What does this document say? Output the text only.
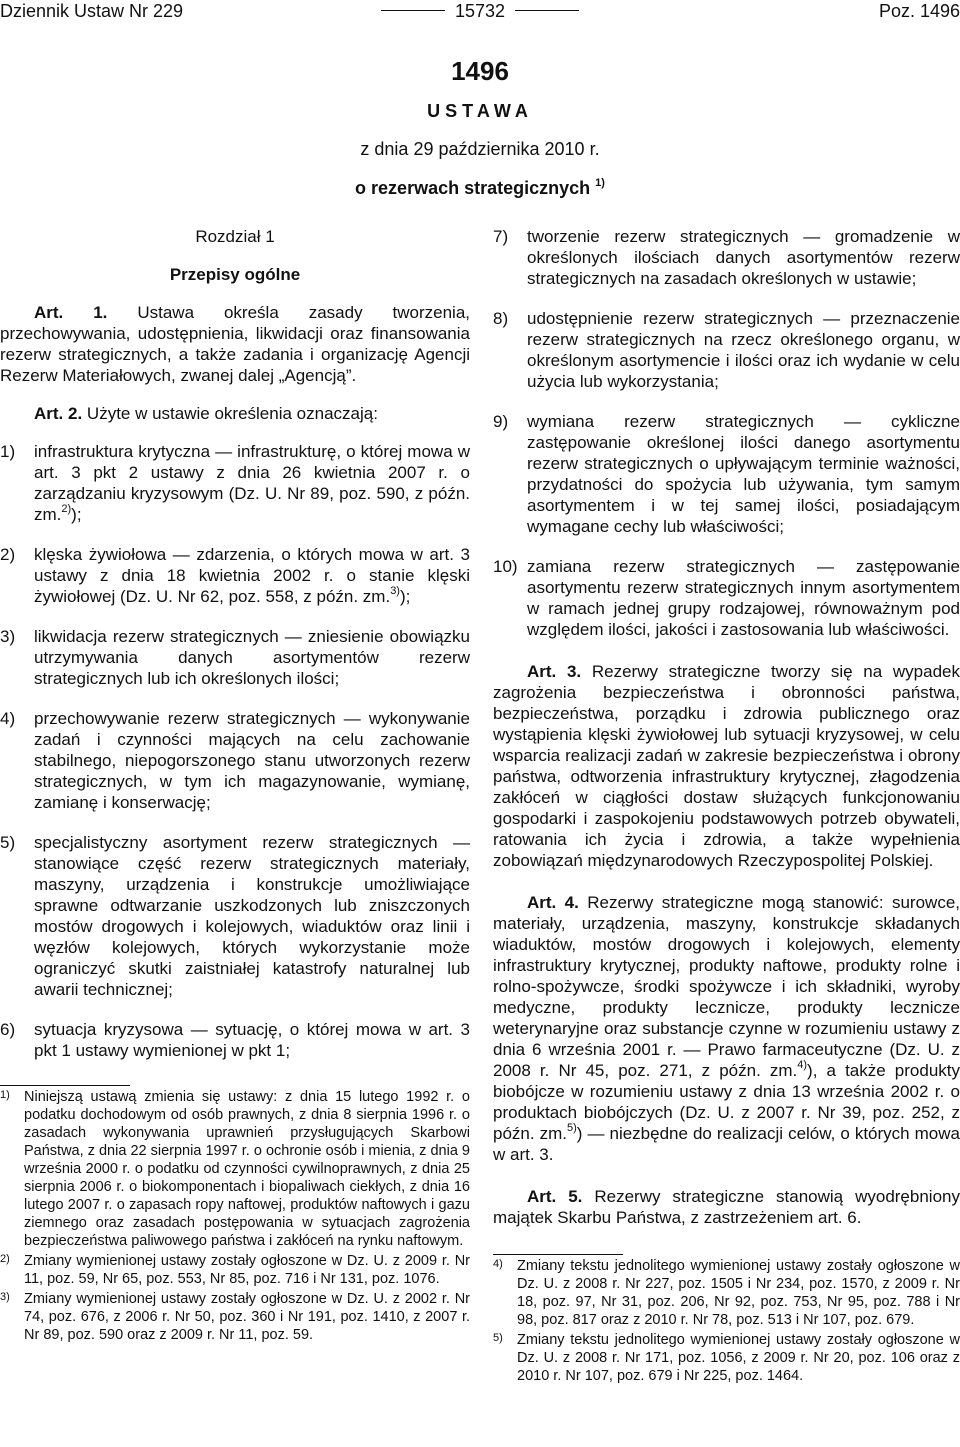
Dziennik Ustaw Nr 229	15732	Poz. 1496
1496
USTAWA
z dnia 29 października 2010 r.
o rezerwach strategicznych $^{1)}$
Rozdział 1
Przepisy ogólne

Art. 1. Ustawa określa zasady tworzenia, przechowywania, udostępnienia, likwidacji oraz finansowania rezerw strategicznych, a także zadania i organizację Agencji Rezerw Materiałowych, zwanej dalej „Agencją”.

Art. 2. Użyte w ustawie określenia oznaczają:

1)	infrastruktura krytyczna — infrastrukturę, o której mowa w art. 3 pkt 2 ustawy z dnia 26 kwietnia 2007 r. o zarządzaniu kryzysowym (Dz. U. Nr 89, poz. 590, z późn. zm.$^{2)}$);
2)	klęska żywiołowa — zdarzenia, o których mowa w art. 3 ustawy z dnia 18 kwietnia 2002 r. o stanie klęski żywiołowej (Dz. U. Nr 62, poz. 558, z późn. zm.$^{3)}$);
3)	likwidacja rezerw strategicznych — zniesienie obowiązku utrzymywania danych asortymentów rezerw strategicznych lub ich określonych ilości;
4)	przechowywanie rezerw strategicznych — wykonywanie zadań i czynności mających na celu zachowanie stabilnego, niepogorszonego stanu utworzonych rezerw strategicznych, w tym ich magazynowanie, wymianę, zamianę i konserwację;
5)	specjalistyczny asortyment rezerw strategicznych — stanowiące część rezerw strategicznych materiały, maszyny, urządzenia i konstrukcje umożliwiające sprawne odtwarzanie uszkodzonych lub zniszczonych mostów drogowych i kolejowych, wiaduktów oraz linii i węzłów kolejowych, których wykorzystanie może ograniczyć skutki zaistniałej katastrofy naturalnej lub awarii technicznej;
6)	sytuacja kryzysowa — sytuację, o której mowa w art. 3 pkt 1 ustawy wymienionej w pkt 1;
1) Niniejszą ustawą zmienia się ustawy: z dnia 15 lutego 1992 r. o podatku dochodowym od osób prawnych, z dnia 8 sierpnia 1996 r. o zasadach wykonywania uprawnień przysługujących Skarbowi Państwa, z dnia 22 sierpnia 1997 r. o ochronie osób i mienia, z dnia 9 września 2000 r. o podatku od czynności cywilnoprawnych, z dnia 25 sierpnia 2006 r. o biokomponentach i biopaliwach ciekłych, z dnia 16 lutego 2007 r. o zapasach ropy naftowej, produktów naftowych i gazu ziemnego oraz zasadach postępowania w sytuacjach zagrożenia bezpieczeństwa paliwowego państwa i zakłóceń na rynku naftowym.
2) Zmiany wymienionej ustawy zostały ogłoszone w Dz. U. z 2009 r. Nr 11, poz. 59, Nr 65, poz. 553, Nr 85, poz. 716 i Nr 131, poz. 1076.
3) Zmiany wymienionej ustawy zostały ogłoszone w Dz. U. z 2002 r. Nr 74, poz. 676, z 2006 r. Nr 50, poz. 360 i Nr 191, poz. 1410, z 2007 r. Nr 89, poz. 590 oraz z 2009 r. Nr 11, poz. 59.
7)	tworzenie rezerw strategicznych — gromadzenie w określonych ilościach danych asortymentów rezerw strategicznych na zasadach określonych w ustawie;
8)	udostępnienie rezerw strategicznych — przeznaczenie rezerw strategicznych na rzecz określonego organu, w określonym asortymencie i ilości oraz ich wydanie w celu użycia lub wykorzystania;
9)	wymiana rezerw strategicznych — cykliczne zastępowanie określonej ilości danego asortymentu rezerw strategicznych o upływającym terminie ważności, przydatności do spożycia lub używania, tym samym asortymentem i w tej samej ilości, posiadającym wymagane cechy lub właściwości;
10) zamiana rezerw strategicznych — zastępowanie asortymentu rezerw strategicznych innym asortymentem w ramach jednej grupy rodzajowej, równoważnym pod względem ilości, jakości i zastosowania lub właściwości.

Art. 3. Rezerwy strategiczne tworzy się na wypadek zagrożenia bezpieczeństwa i obronności państwa, bezpieczeństwa, porządku i zdrowia publicznego oraz wystąpienia klęski żywiołowej lub sytuacji kryzysowej, w celu wsparcia realizacji zadań w zakresie bezpieczeństwa i obrony państwa, odtworzenia infrastruktury krytycznej, złagodzenia zakłóceń w ciągłości dostaw służących funkcjonowaniu gospodarki i zaspokojeniu podstawowych potrzeb obywateli, ratowania ich życia i zdrowia, a także wypełnienia zobowiązań międzynarodowych Rzeczypospolitej Polskiej.

Art. 4. Rezerwy strategiczne mogą stanowić: surowce, materiały, urządzenia, maszyny, konstrukcje składanych wiaduktów, mostów drogowych i kolejowych, elementy infrastruktury krytycznej, produkty naftowe, produkty rolne i rolno-spożywcze, środki spożywcze i ich składniki, wyroby medyczne, produkty lecznicze, produkty lecznicze weterynaryjne oraz substancje czynne w rozumieniu ustawy z dnia 6 września 2001 r. — Prawo farmaceutyczne (Dz. U. z 2008 r. Nr 45, poz. 271, z późn. zm.$^{4)}$), a także produkty biobójcze w rozumieniu ustawy z dnia 13 września 2002 r. o produktach biobójczych (Dz. U. z 2007 r. Nr 39, poz. 252, z późn. zm.$^{5)}$) — niezbędne do realizacji celów, o których mowa w art. 3.

Art. 5. Rezerwy strategiczne stanowią wyodrębniony majątek Skarbu Państwa, z zastrzeżeniem art. 6.

4) Zmiany tekstu jednolitego wymienionej ustawy zostały ogłoszone w Dz. U. z 2008 r. Nr 227, poz. 1505 i Nr 234, poz. 1570, z 2009 r. Nr 18, poz. 97, Nr 31, poz. 206, Nr 92, poz. 753, Nr 95, poz. 788 i Nr 98, poz. 817 oraz z 2010 r. Nr 78, poz. 513 i Nr 107, poz. 679.
5) Zmiany tekstu jednolitego wymienionej ustawy zostały ogłoszone w Dz. U. z 2008 r. Nr 171, poz. 1056, z 2009 r. Nr 20, poz. 106 oraz z 2010 r. Nr 107, poz. 679 i Nr 225, poz. 1464.
